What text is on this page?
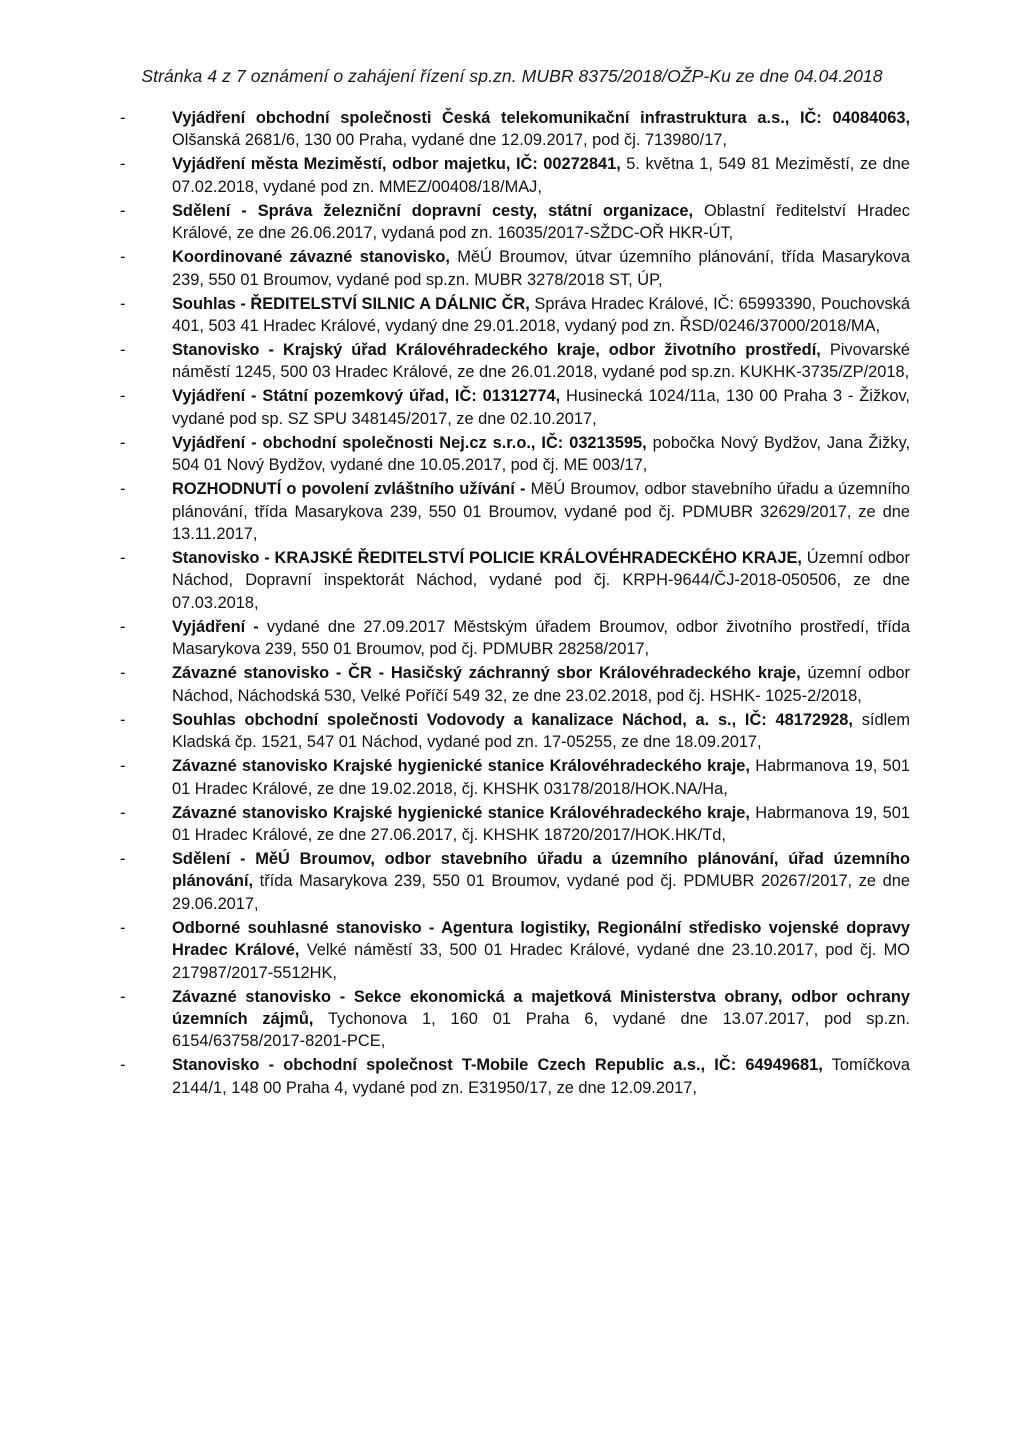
Stránka 4 z 7 oznámení o zahájení řízení sp.zn. MUBR 8375/2018/OŽP-Ku ze dne 04.04.2018
-	Vyjádření obchodní společnosti Česká telekomunikační infrastruktura a.s., IČ: 04084063, Olšanská 2681/6, 130 00 Praha, vydané dne 12.09.2017, pod čj. 713980/17,
-	Vyjádření města Meziměstí, odbor majetku, IČ: 00272841, 5. května 1, 549 81 Meziměstí, ze dne 07.02.2018, vydané pod zn. MMEZ/00408/18/MAJ,
-	Sdělení - Správa železniční dopravní cesty, státní organizace, Oblastní ředitelství Hradec Králové, ze dne 26.06.2017, vydaná pod zn. 16035/2017-SŽDC-OŘ HKR-ÚT,
-	Koordinované závazné stanovisko, MěÚ Broumov, útvar územního plánování, třída Masarykova 239, 550 01 Broumov, vydané pod sp.zn. MUBR 3278/2018 ST, ÚP,
-	Souhlas - ŘEDITELSTVÍ SILNIC A DÁLNIC ČR, Správa Hradec Králové, IČ: 65993390, Pouchovská 401, 503 41 Hradec Králové, vydaný dne 29.01.2018, vydaný pod zn. ŘSD/0246/37000/2018/MA,
-	Stanovisko - Krajský úřad Královéhradeckého kraje, odbor životního prostředí, Pivovarské náměstí 1245, 500 03 Hradec Králové, ze dne 26.01.2018, vydané pod sp.zn. KUKHK-3735/ZP/2018,
-	Vyjádření - Státní pozemkový úřad, IČ: 01312774, Husinecká 1024/11a, 130 00 Praha 3 - Žižkov, vydané pod sp. SZ SPU 348145/2017, ze dne 02.10.2017,
-	Vyjádření - obchodní společnosti Nej.cz s.r.o., IČ: 03213595, pobočka Nový Bydžov, Jana Žižky, 504 01 Nový Bydžov, vydané dne 10.05.2017, pod čj. ME 003/17,
-	ROZHODNUTÍ o povolení zvláštního užívání - MěÚ Broumov, odbor stavebního úřadu a územního plánování, třída Masarykova 239, 550 01 Broumov, vydané pod čj. PDMUBR 32629/2017, ze dne 13.11.2017,
-	Stanovisko - KRAJSKÉ ŘEDITELSTVÍ POLICIE KRÁLOVÉHRADECKÉHO KRAJE, Územní odbor Náchod, Dopravní inspektorát Náchod, vydané pod čj. KRPH-9644/ČJ-2018-050506, ze dne 07.03.2018,
-	Vyjádření - vydané dne 27.09.2017 Městským úřadem Broumov, odbor životního prostředí, třída Masarykova 239, 550 01 Broumov, pod čj. PDMUBR 28258/2017,
-	Závazné stanovisko - ČR - Hasičský záchranný sbor Královéhradeckého kraje, územní odbor Náchod, Náchodská 530, Velké Poříčí 549 32, ze dne 23.02.2018, pod čj. HSHK- 1025-2/2018,
-	Souhlas obchodní společnosti Vodovody a kanalizace Náchod, a. s., IČ: 48172928, sídlem Kladská čp. 1521, 547 01 Náchod, vydané pod zn. 17-05255, ze dne 18.09.2017,
-	Závazné stanovisko Krajské hygienické stanice Královéhradeckého kraje, Habrmanova 19, 501 01 Hradec Králové, ze dne 19.02.2018, čj. KHSHK 03178/2018/HOK.NA/Ha,
-	Závazné stanovisko Krajské hygienické stanice Královéhradeckého kraje, Habrmanova 19, 501 01 Hradec Králové, ze dne 27.06.2017, čj. KHSHK 18720/2017/HOK.HK/Td,
-	Sdělení - MěÚ Broumov, odbor stavebního úřadu a územního plánování, úřad územního plánování, třída Masarykova 239, 550 01 Broumov, vydané pod čj. PDMUBR 20267/2017, ze dne 29.06.2017,
-	Odborné souhlasné stanovisko - Agentura logistiky, Regionální středisko vojenské dopravy Hradec Králové, Velké náměstí 33, 500 01 Hradec Králové, vydané dne 23.10.2017, pod čj. MO 217987/2017-5512HK,
-	Závazné stanovisko - Sekce ekonomická a majetková Ministerstva obrany, odbor ochrany územních zájmů, Tychonova 1, 160 01 Praha 6, vydané dne 13.07.2017, pod sp.zn. 6154/63758/2017-8201-PCE,
-	Stanovisko - obchodní společnost T-Mobile Czech Republic a.s., IČ: 64949681, Tomíčkova 2144/1, 148 00 Praha 4, vydané pod zn. E31950/17, ze dne 12.09.2017,
